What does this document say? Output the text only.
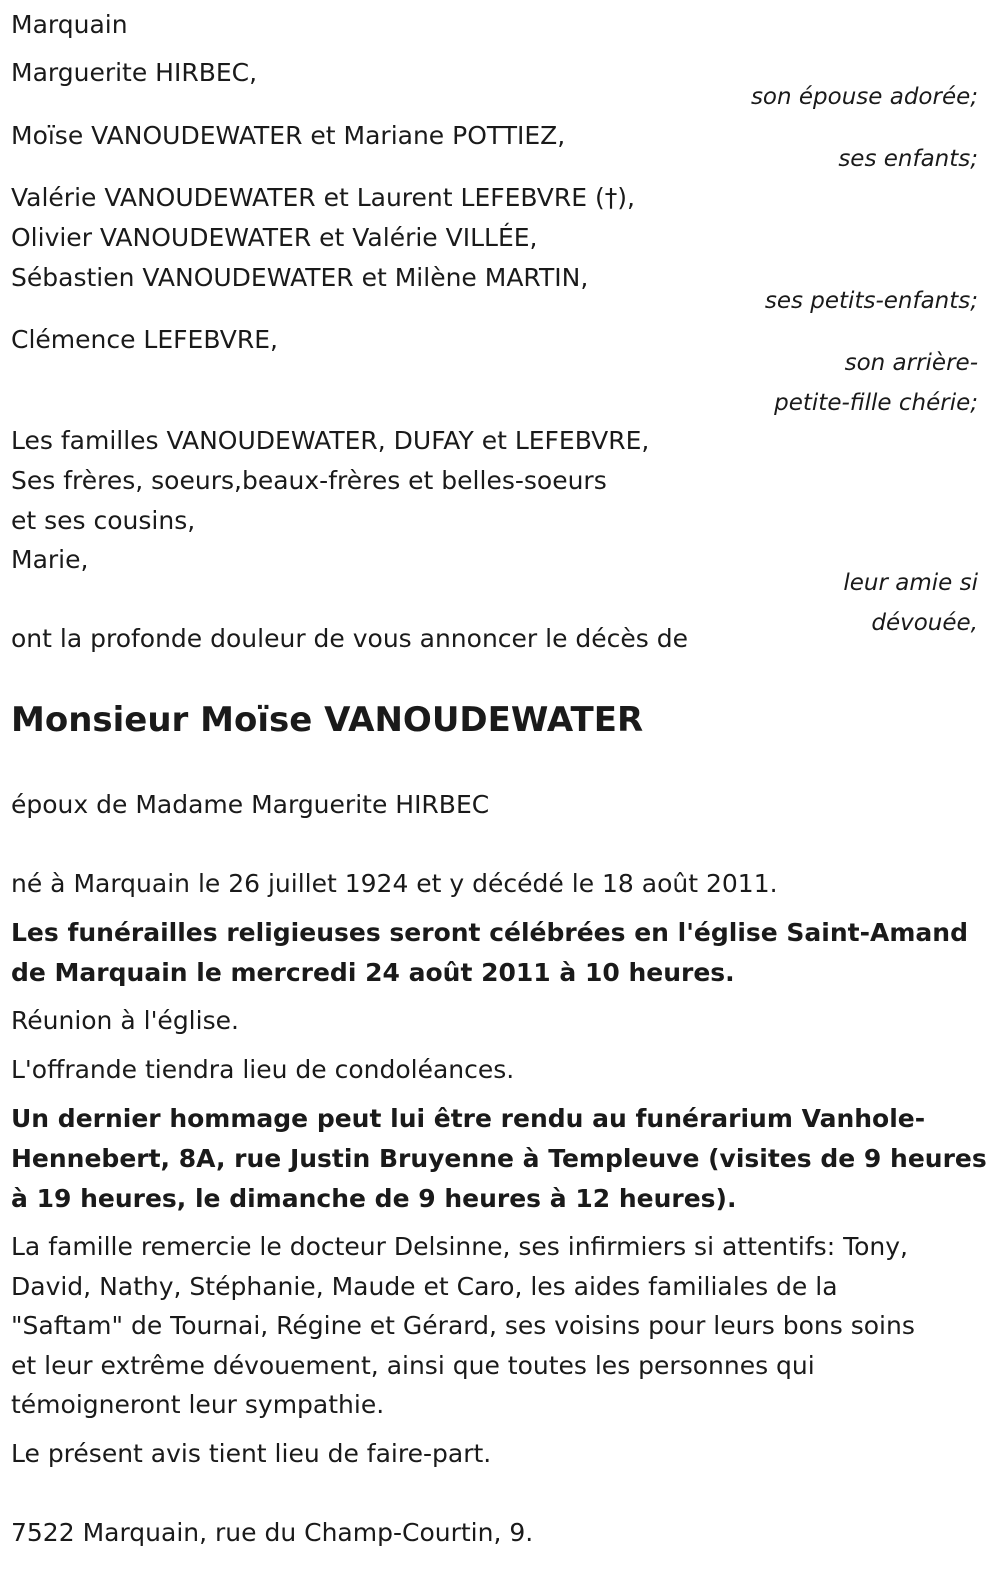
Marquain

Marguerite HIRBEC,

son épouse adorée;

Moïse VANOUDEWATER et Mariane POTTIEZ,

ses enfants;

Valérie VANOUDEWATER et Laurent LEFEBVRE (†),

Olivier VANOUDEWATER et Valérie VILLÉE,

Sébastien VANOUDEWATER et Milène MARTIN,

ses petits-enfants;

Clémence LEFEBVRE,

son arrière-

petite-fille chérie;

Les familles VANOUDEWATER, DUFAY et LEFEBVRE,

Ses frères, soeurs,beaux-frères et belles-soeurs

et ses cousins,

Marie,

leur amie si

dévouée,

ont la profonde douleur de vous annoncer le décès de

Monsieur Moïse VANOUDEWATER

époux de Madame Marguerite HIRBEC

né à Marquain le 26 juillet 1924 et y décédé le 18 août 2011.

Les funérailles religieuses seront célébrées en l'église Saint-Amand

de Marquain le mercredi 24 août 2011 à 10 heures.

Réunion à l'église.

L'offrande tiendra lieu de condoléances.

Un dernier hommage peut lui être rendu au funérarium Vanhole-

Hennebert, 8A, rue Justin Bruyenne à Templeuve (visites de 9 heures

à 19 heures, le dimanche de 9 heures à 12 heures).

La famille remercie le docteur Delsinne, ses infirmiers si attentifs: Tony,

David, Nathy, Stéphanie, Maude et Caro, les aides familiales de la

"Saftam" de Tournai, Régine et Gérard, ses voisins pour leurs bons soins

et leur extrême dévouement, ainsi que toutes les personnes qui

témoigneront leur sympathie.

Le présent avis tient lieu de faire-part.

7522 Marquain, rue du Champ-Courtin, 9.
